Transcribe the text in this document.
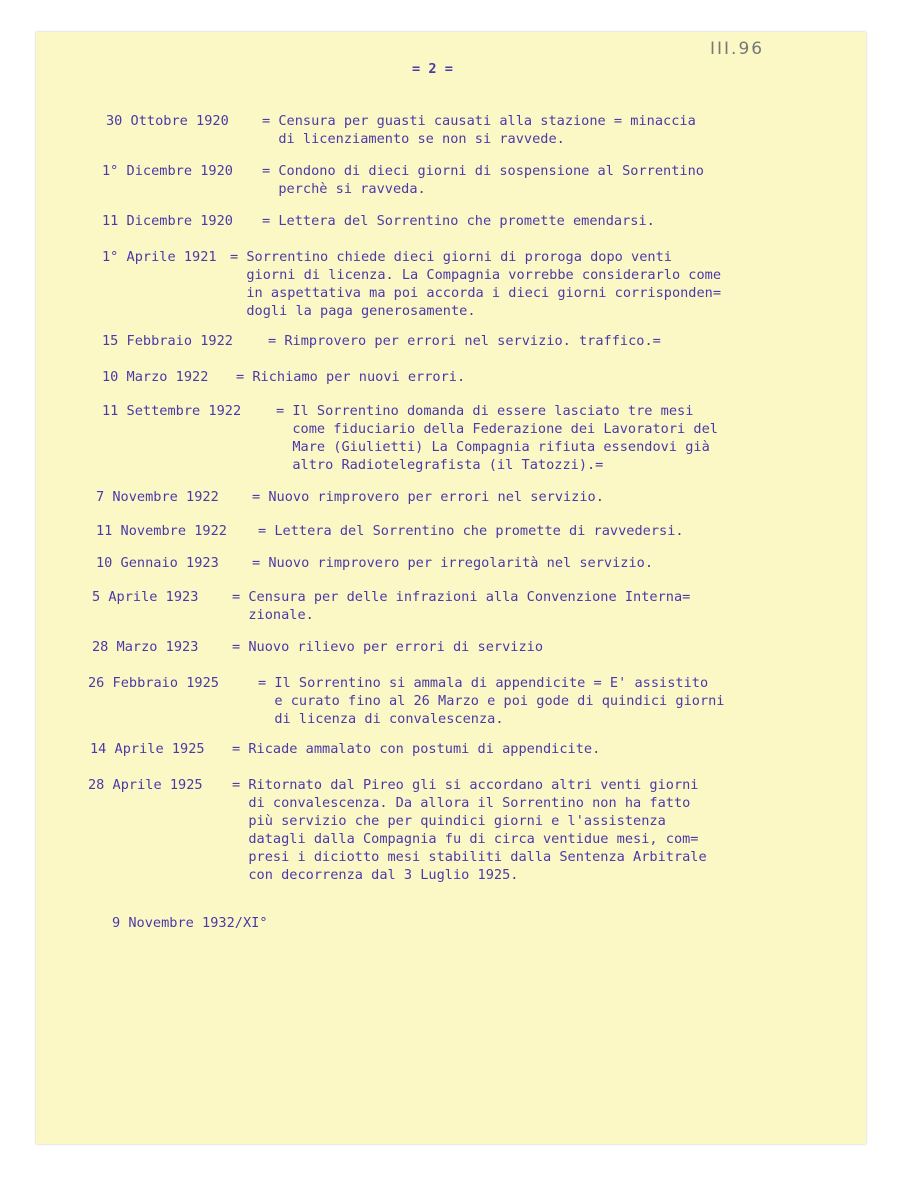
III.96
= 2 =
30 Ottobre 1920 = Censura per guasti causati alla stazione = minaccia
di licenziamento se non si ravvede.
1° Dicembre 1920 = Condono di dieci giorni di sospensione al Sorrentino
perchè si ravveda.
11 Dicembre 1920 = Lettera del Sorrentino che promette emendarsi.
1° Aprile 1921 = Sorrentino chiede dieci giorni di proroga dopo venti
giorni di licenza. La Compagnia vorrebbe considerarlo come
in aspettativa ma poi accorda i dieci giorni corrisponden=
dogli la paga generosamente.
15 Febbraio 1922	= Rimprovero per errori nel servizio. traffico.=
10 Marzo 1922 = Richiamo per nuovi errori.
11 Settembre 1922	= Il Sorrentino domanda di essere lasciato tre mesi
come fiduciario della Federazione dei Lavoratori del
Mare (Giulietti) La Compagnia rifiuta essendovi già
altro Radiotelegrafista (il Tatozzi).=
7 Novembre 1922 = Nuovo rimprovero per errori nel servizio.
11 Novembre 1922 = Lettera del Sorrentino che promette di ravvedersi.
10 Gennaio 1923 = Nuovo rimprovero per irregolarità nel servizio.
5 Aprile 1923 = Censura per delle infrazioni alla Convenzione Interna=
zionale.
28 Marzo 1923 = Nuovo rilievo per errori di servizio
26 Febbraio 1925	= Il Sorrentino si ammala di appendicite = E' assistito
e curato fino al 26 Marzo e poi gode di quindici giorni
di licenza di convalescenza.
14 Aprile 1925 = Ricade ammalato con postumi di appendicite.
28 Aprile 1925 = Ritornato dal Pireo gli si accordano altri venti giorni
di convalescenza. Da allora il Sorrentino non ha fatto
più servizio che per quindici giorni e l'assistenza
datagli dalla Compagnia fu di circa ventidue mesi, com=
presi i diciotto mesi stabiliti dalla Sentenza Arbitrale
con decorrenza dal 3 Luglio 1925.
9 Novembre 1932/XI°
